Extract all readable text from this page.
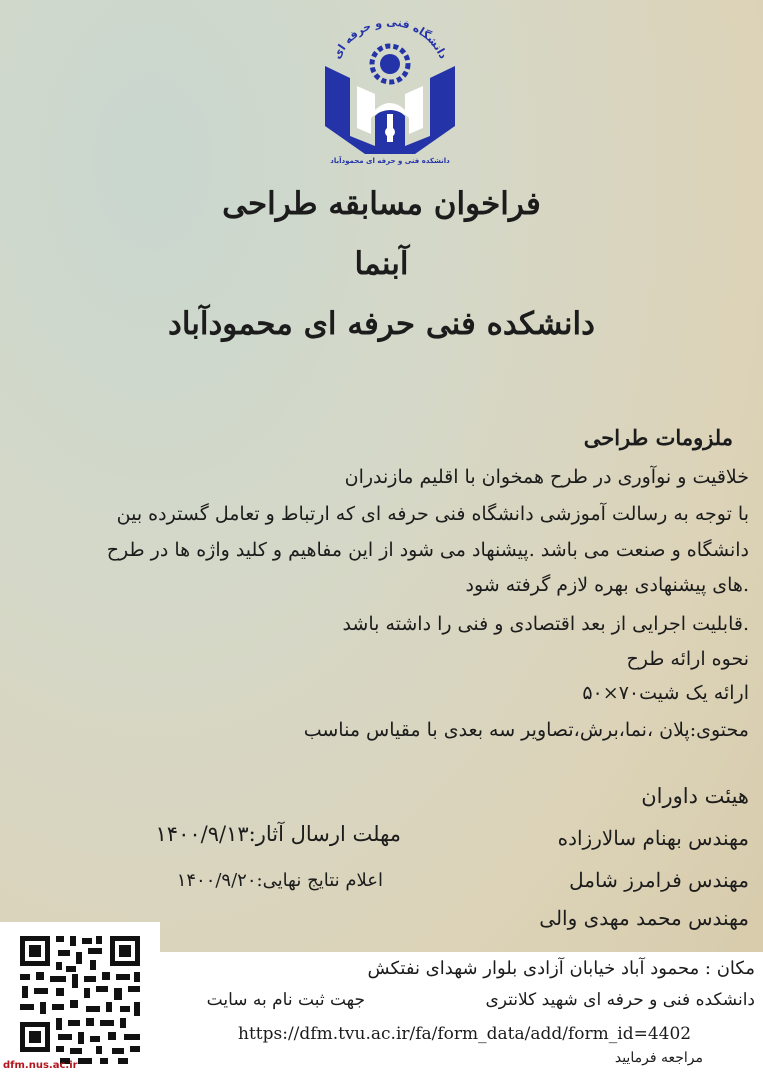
دانشگاه فنی و حرفه ای
دانشکده فنی و حرفه ای محمودآباد
فراخوان مسابقه طراحی
آبنما
دانشکده فنی حرفه ای محمودآباد
ملزومات طراحی
خلاقیت و نوآوری در طرح همخوان با اقلیم مازندران
با توجه به رسالت آموزشی دانشگاه فنی حرفه ای که ارتباط و تعامل گسترده بین
دانشگاه و صنعت می باشد .پیشنهاد می شود از این مفاهیم و کلید واژه ها در طرح
.های پیشنهادی بهره لازم گرفته شود
.قابلیت اجرایی از بعد اقتصادی و فنی را داشته باشد
نحوه ارائه طرح
ارائه یک شیت۷۰×۵۰
محتوی:پلان ،نما،برش،تصاویر سه بعدی با مقیاس مناسب
هیئت داوران
مهندس بهنام سالارزاده
مهندس فرامرز شامل
مهندس محمد مهدی والی
مهلت ارسال آثار:۱۴۰۰/۹/۱۳
اعلام نتایج نهایی:۱۴۰۰/۹/۲۰
مکان : محمود آباد خیابان آزادی بلوار شهدای نفتکش
دانشکده فنی و حرفه ای شهید کلانتری
جهت ثبت نام به سایت
https://dfm.tvu.ac.ir/fa/form_data/add/form_id=4402
مراجعه فرمایید
dfm.nus.ac.ir
